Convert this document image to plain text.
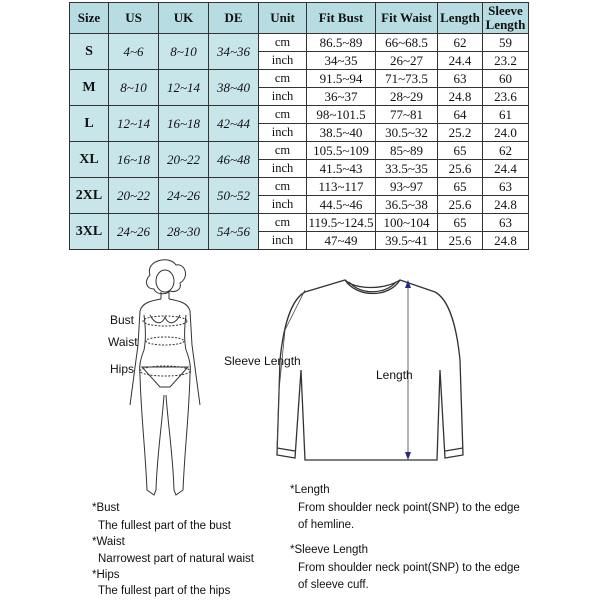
Size	US	UK	DE	Unit	Fit Bust	Fit Waist	Length	Sleeve Length
S	4~6	8~10	34~36	cm	86.5~89	66~68.5	62	59
				inch	34~35	26~27	24.4	23.2
M	8~10	12~14	38~40	cm	91.5~94	71~73.5	63	60
				inch	36~37	28~29	24.8	23.6
L	12~14	16~18	42~44	cm	98~101.5	77~81	64	61
				inch	38.5~40	30.5~32	25.2	24.0
XL	16~18	20~22	46~48	cm	105.5~109	85~89	65	62
				inch	41.5~43	33.5~35	25.6	24.4
2XL	20~22	24~26	50~52	cm	113~117	93~97	65	63
				inch	44.5~46	36.5~38	25.6	24.8
3XL	24~26	28~30	54~56	cm	119.5~124.5	100~104	65	63
				inch	47~49	39.5~41	25.6	24.8
Bust
Waist
Hips
Sleeve Length
Length
*Bust
The fullest part of the bust
*Waist
Narrowest part of natural waist
*Hips
The fullest part of the hips
*Length
From shoulder neck point(SNP) to the edge
of hemline.
*Sleeve Length
From shoulder neck point(SNP) to the edge
of sleeve cuff.
